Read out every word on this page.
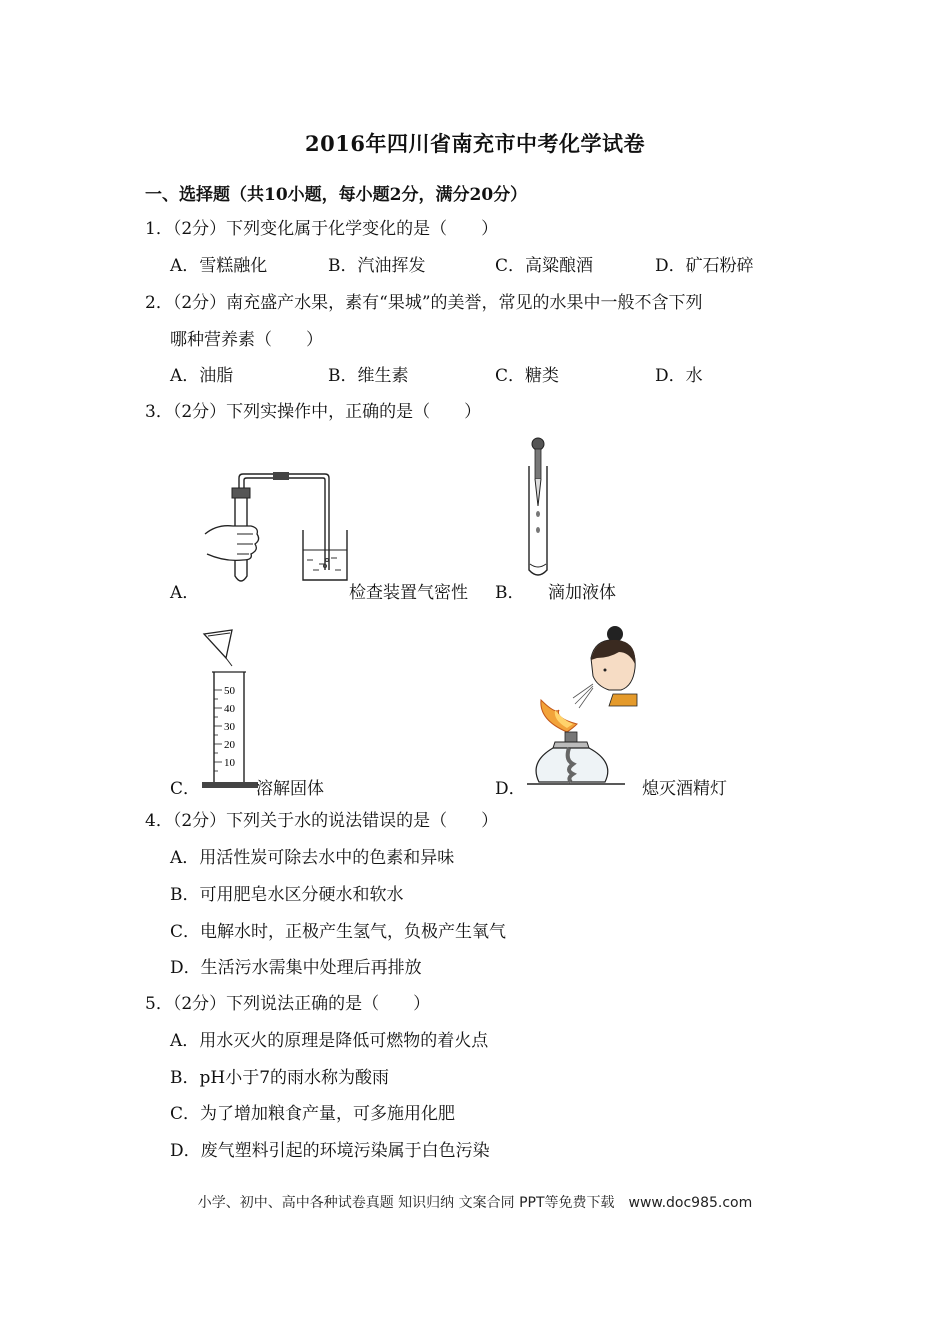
2016年四川省南充市中考化学试卷
一、选择题（共10小题，每小题2分，满分20分）
1．（2分）下列变化属于化学变化的是（　　）
A．雪糕融化	B．汽油挥发	C．高粱酿酒	D．矿石粉碎
2．（2分）南充盛产水果，素有“果城”的美誉，常见的水果中一般不含下列
哪种营养素（　　）
A．油脂	B．维生素	C．糖类	D．水
3．（2分）下列实操作中，正确的是（　　）
A．	检查装置气密性 B． 滴加液体
50
40
30
20
10
C．	溶解固体	D．	熄灭酒精灯
4．（2分）下列关于水的说法错误的是（　　）
A．用活性炭可除去水中的色素和异味
B．可用肥皂水区分硬水和软水
C．电解水时，正极产生氢气，负极产生氧气
D．生活污水需集中处理后再排放
5．（2分）下列说法正确的是（　　）
A．用水灭火的原理是降低可燃物的着火点
B．pH小于7的雨水称为酸雨
C．为了增加粮食产量，可多施用化肥
D．废气塑料引起的环境污染属于白色污染
小学、初中、高中各种试卷真题 知识归纳 文案合同 PPT等免费下载　www.doc985.com
